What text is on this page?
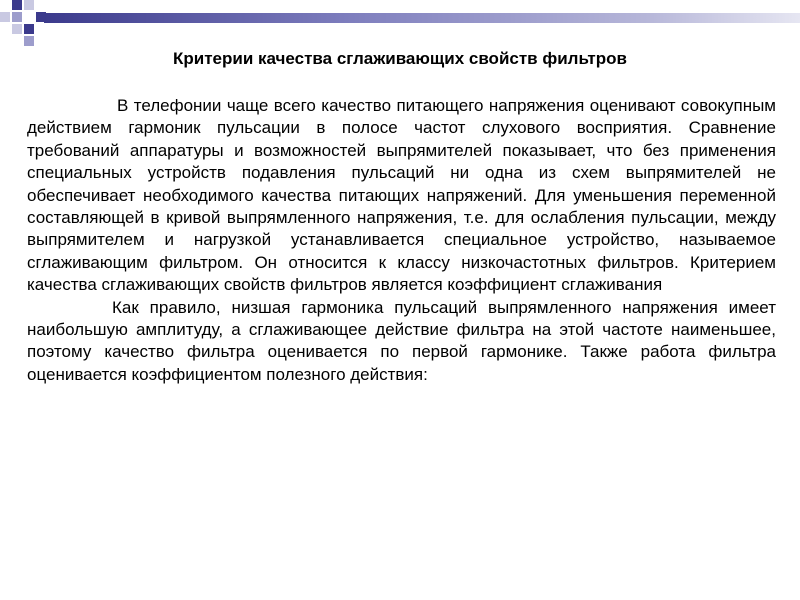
Критерии качества сглаживающих свойств фильтров

В телефонии чаще всего качество питающего напряжения оценивают совокупным действием гармоник пульсации в полосе частот слухового восприятия. Сравнение требований аппаратуры и возможностей выпрямителей показывает, что без применения специальных устройств подавления пульсаций ни одна из схем выпрямителей не обеспечивает необходимого качества питающих напряжений. Для уменьшения переменной составляющей в кривой выпрямленного напряжения, т.е. для ослабления пульсации, между выпрямителем и нагрузкой устанавливается специальное устройство, называемое сглаживающим фильтром. Он относится к классу низкочастотных фильтров. Критерием качества сглаживающих свойств фильтров является коэффициент сглаживания

Как правило, низшая гармоника пульсаций выпрямленного напряжения имеет наибольшую амплитуду, а сглаживающее действие фильтра на этой частоте наименьшее, поэтому качество фильтра оценивается по первой гармонике. Также работа фильтра оценивается коэффициентом полезного действия:
